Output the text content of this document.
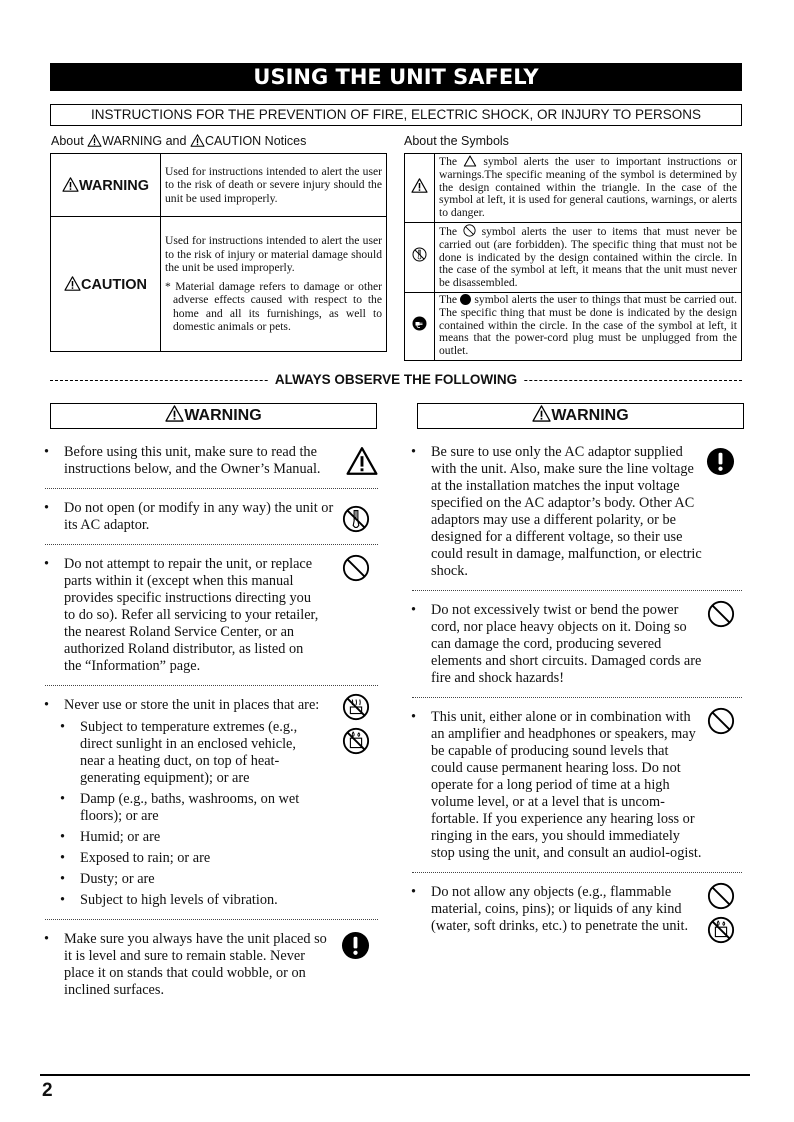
USING THE UNIT SAFELY
INSTRUCTIONS FOR THE PREVENTION OF FIRE, ELECTRIC SHOCK, OR INJURY TO PERSONS
About WARNING and CAUTION Notices	About the Symbols
WARNING	Used for instructions intended to alert the user to the risk of death or severe injury should the unit be used improperly.
CAUTION	Used for instructions intended to alert the user to the risk of injury or material damage should the unit be used improperly.
* Material damage refers to damage or other adverse effects caused with respect to the home and all its furnishings, as well to domestic animals or pets.
	The symbol alerts the user to important instructions or warnings.The specific meaning of the symbol is determined by the design contained within the triangle. In the case of the symbol at left, it is used for general cautions, warnings, or alerts to danger.
	The symbol alerts the user to items that must never be carried out (are forbidden). The specific thing that must not be done is indicated by the design contained within the circle. In the case of the symbol at left, it means that the unit must never be disassembled.
	The symbol alerts the user to things that must be carried out. The specific thing that must be done is indicated by the design contained within the circle. In the case of the symbol at left, it means that the power-cord plug must be unplugged from the outlet.
ALWAYS OBSERVE THE FOLLOWING
WARNING	WARNING
• Before using this unit, make sure to read the instructions below, and the Owner’s Manual.
• Do not open (or modify in any way) the unit or its AC adaptor.
• Do not attempt to repair the unit, or replace parts within it (except when this manual provides specific instructions directing you to do so). Refer all servicing to your retailer, the nearest Roland Service Center, or an authorized Roland distributor, as listed on the “Information” page.
• Never use or store the unit in places that are:
• Subject to temperature extremes (e.g., direct sunlight in an enclosed vehicle, near a heating duct, on top of heat-generating equipment); or are
• Damp (e.g., baths, washrooms, on wet floors); or are
• Humid; or are
• Exposed to rain; or are
• Dusty; or are
• Subject to high levels of vibration.
• Make sure you always have the unit placed so it is level and sure to remain stable. Never place it on stands that could wobble, or on inclined surfaces.
• Be sure to use only the AC adaptor supplied with the unit. Also, make sure the line voltage at the installation matches the input voltage specified on the AC adaptor’s body. Other AC adaptors may use a different polarity, or be designed for a different voltage, so their use could result in damage, malfunction, or electric shock.
• Do not excessively twist or bend the power cord, nor place heavy objects on it. Doing so can damage the cord, producing severed elements and short circuits. Damaged cords are fire and shock hazards!
• This unit, either alone or in combination with an amplifier and headphones or speakers, may be capable of producing sound levels that could cause permanent hearing loss. Do not operate for a long period of time at a high volume level, or at a level that is uncom-fortable. If you experience any hearing loss or ringing in the ears, you should immediately stop using the unit, and consult an audiol-ogist.
• Do not allow any objects (e.g., flammable material, coins, pins); or liquids of any kind (water, soft drinks, etc.) to penetrate the unit.
2
